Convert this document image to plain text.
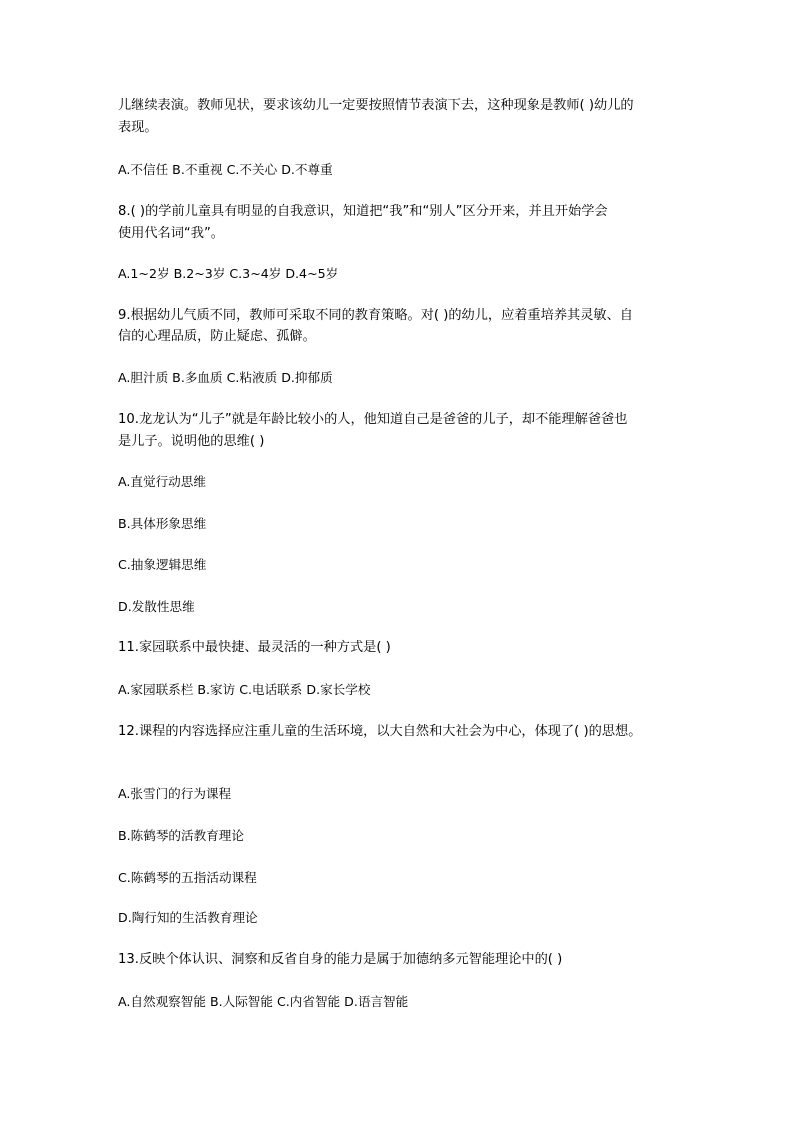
儿继续表演。教师见状，要求该幼儿一定要按照情节表演下去，这种现象是教师( )幼儿的
表现。
A.不信任 B.不重视 C.不关心 D.不尊重
8.( )的学前儿童具有明显的自我意识，知道把“我”和“别人”区分开来，并且开始学会
使用代名词“我”。
A.1~2岁 B.2~3岁 C.3~4岁 D.4~5岁
9.根据幼儿气质不同，教师可采取不同的教育策略。对( )的幼儿，应着重培养其灵敏、自
信的心理品质，防止疑虑、孤僻。
A.胆汁质 B.多血质 C.粘液质 D.抑郁质
10.龙龙认为“儿子”就是年龄比较小的人，他知道自己是爸爸的儿子，却不能理解爸爸也
是儿子。说明他的思维( )
A.直觉行动思维
B.具体形象思维
C.抽象逻辑思维
D.发散性思维
11.家园联系中最快捷、最灵活的一种方式是( )
A.家园联系栏 B.家访 C.电话联系 D.家长学校
12.课程的内容选择应注重儿童的生活环境，以大自然和大社会为中心，体现了( )的思想。
A.张雪门的行为课程
B.陈鹤琴的活教育理论
C.陈鹤琴的五指活动课程
D.陶行知的生活教育理论
13.反映个体认识、洞察和反省自身的能力是属于加德纳多元智能理论中的( )
A.自然观察智能 B.人际智能 C.内省智能 D.语言智能
